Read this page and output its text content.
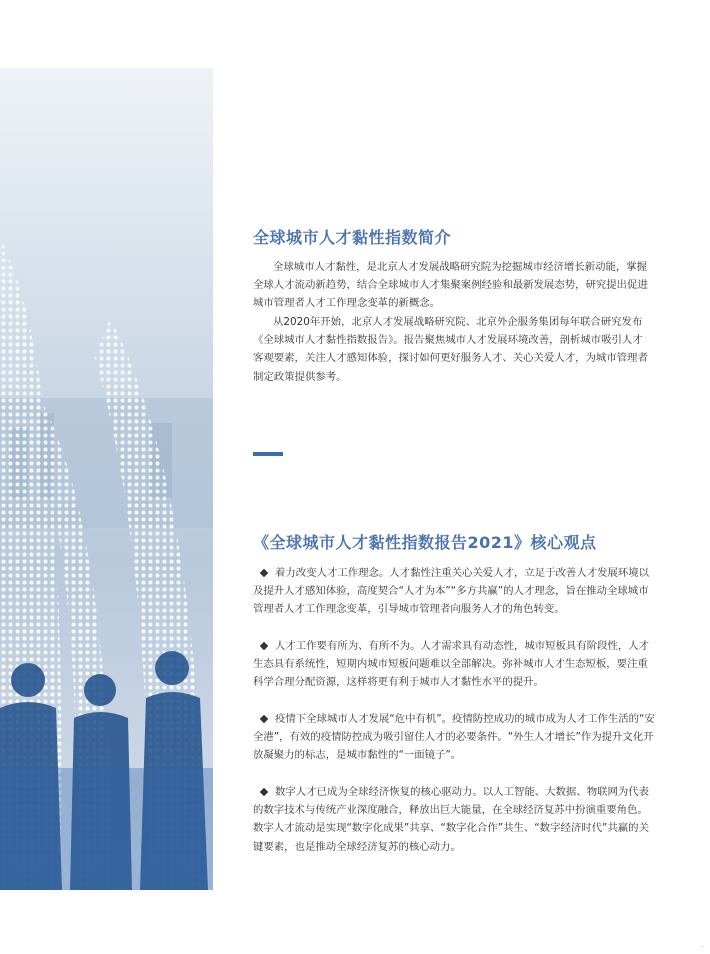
全球城市人才黏性指数简介

全球城市人才黏性，是北京人才发展战略研究院为挖掘城市经济增长新动能，掌握全球人才流动新趋势，结合全球城市人才集聚案例经验和最新发展态势，研究提出促进城市管理者人才工作理念变革的新概念。

从2020年开始，北京人才发展战略研究院、北京外企服务集团每年联合研究发布《全球城市人才黏性指数报告》。报告聚焦城市人才发展环境改善，剖析城市吸引人才客观要素，关注人才感知体验，探讨如何更好服务人才、关心关爱人才，为城市管理者制定政策提供参考。

《全球城市人才黏性指数报告2021》核心观点

着力改变人才工作理念。人才黏性注重关心关爱人才，立足于改善人才发展环境以及提升人才感知体验，高度契合“人才为本”“多方共赢”的人才理念，旨在推动全球城市管理者人才工作理念变革，引导城市管理者向服务人才的角色转变。

人才工作要有所为、有所不为。人才需求具有动态性，城市短板具有阶段性，人才生态具有系统性，短期内城市短板问题难以全部解决。弥补城市人才生态短板，要注重科学合理分配资源，这样将更有利于城市人才黏性水平的提升。

疫情下全球城市人才发展“危中有机”。疫情防控成功的城市成为人才工作生活的“安全港”，有效的疫情防控成为吸引留住人才的必要条件。“外生人才增长”作为提升文化开放凝聚力的标志，是城市黏性的“一面镜子”。

数字人才已成为全球经济恢复的核心驱动力。以人工智能、大数据、物联网为代表的数字技术与传统产业深度融合，释放出巨大能量，在全球经济复苏中扮演重要角色。数字人才流动是实现“数字化成果”共享、“数字化合作”共生、“数字经济时代”共赢的关键要素，也是推动全球经济复苏的核心动力。

.
